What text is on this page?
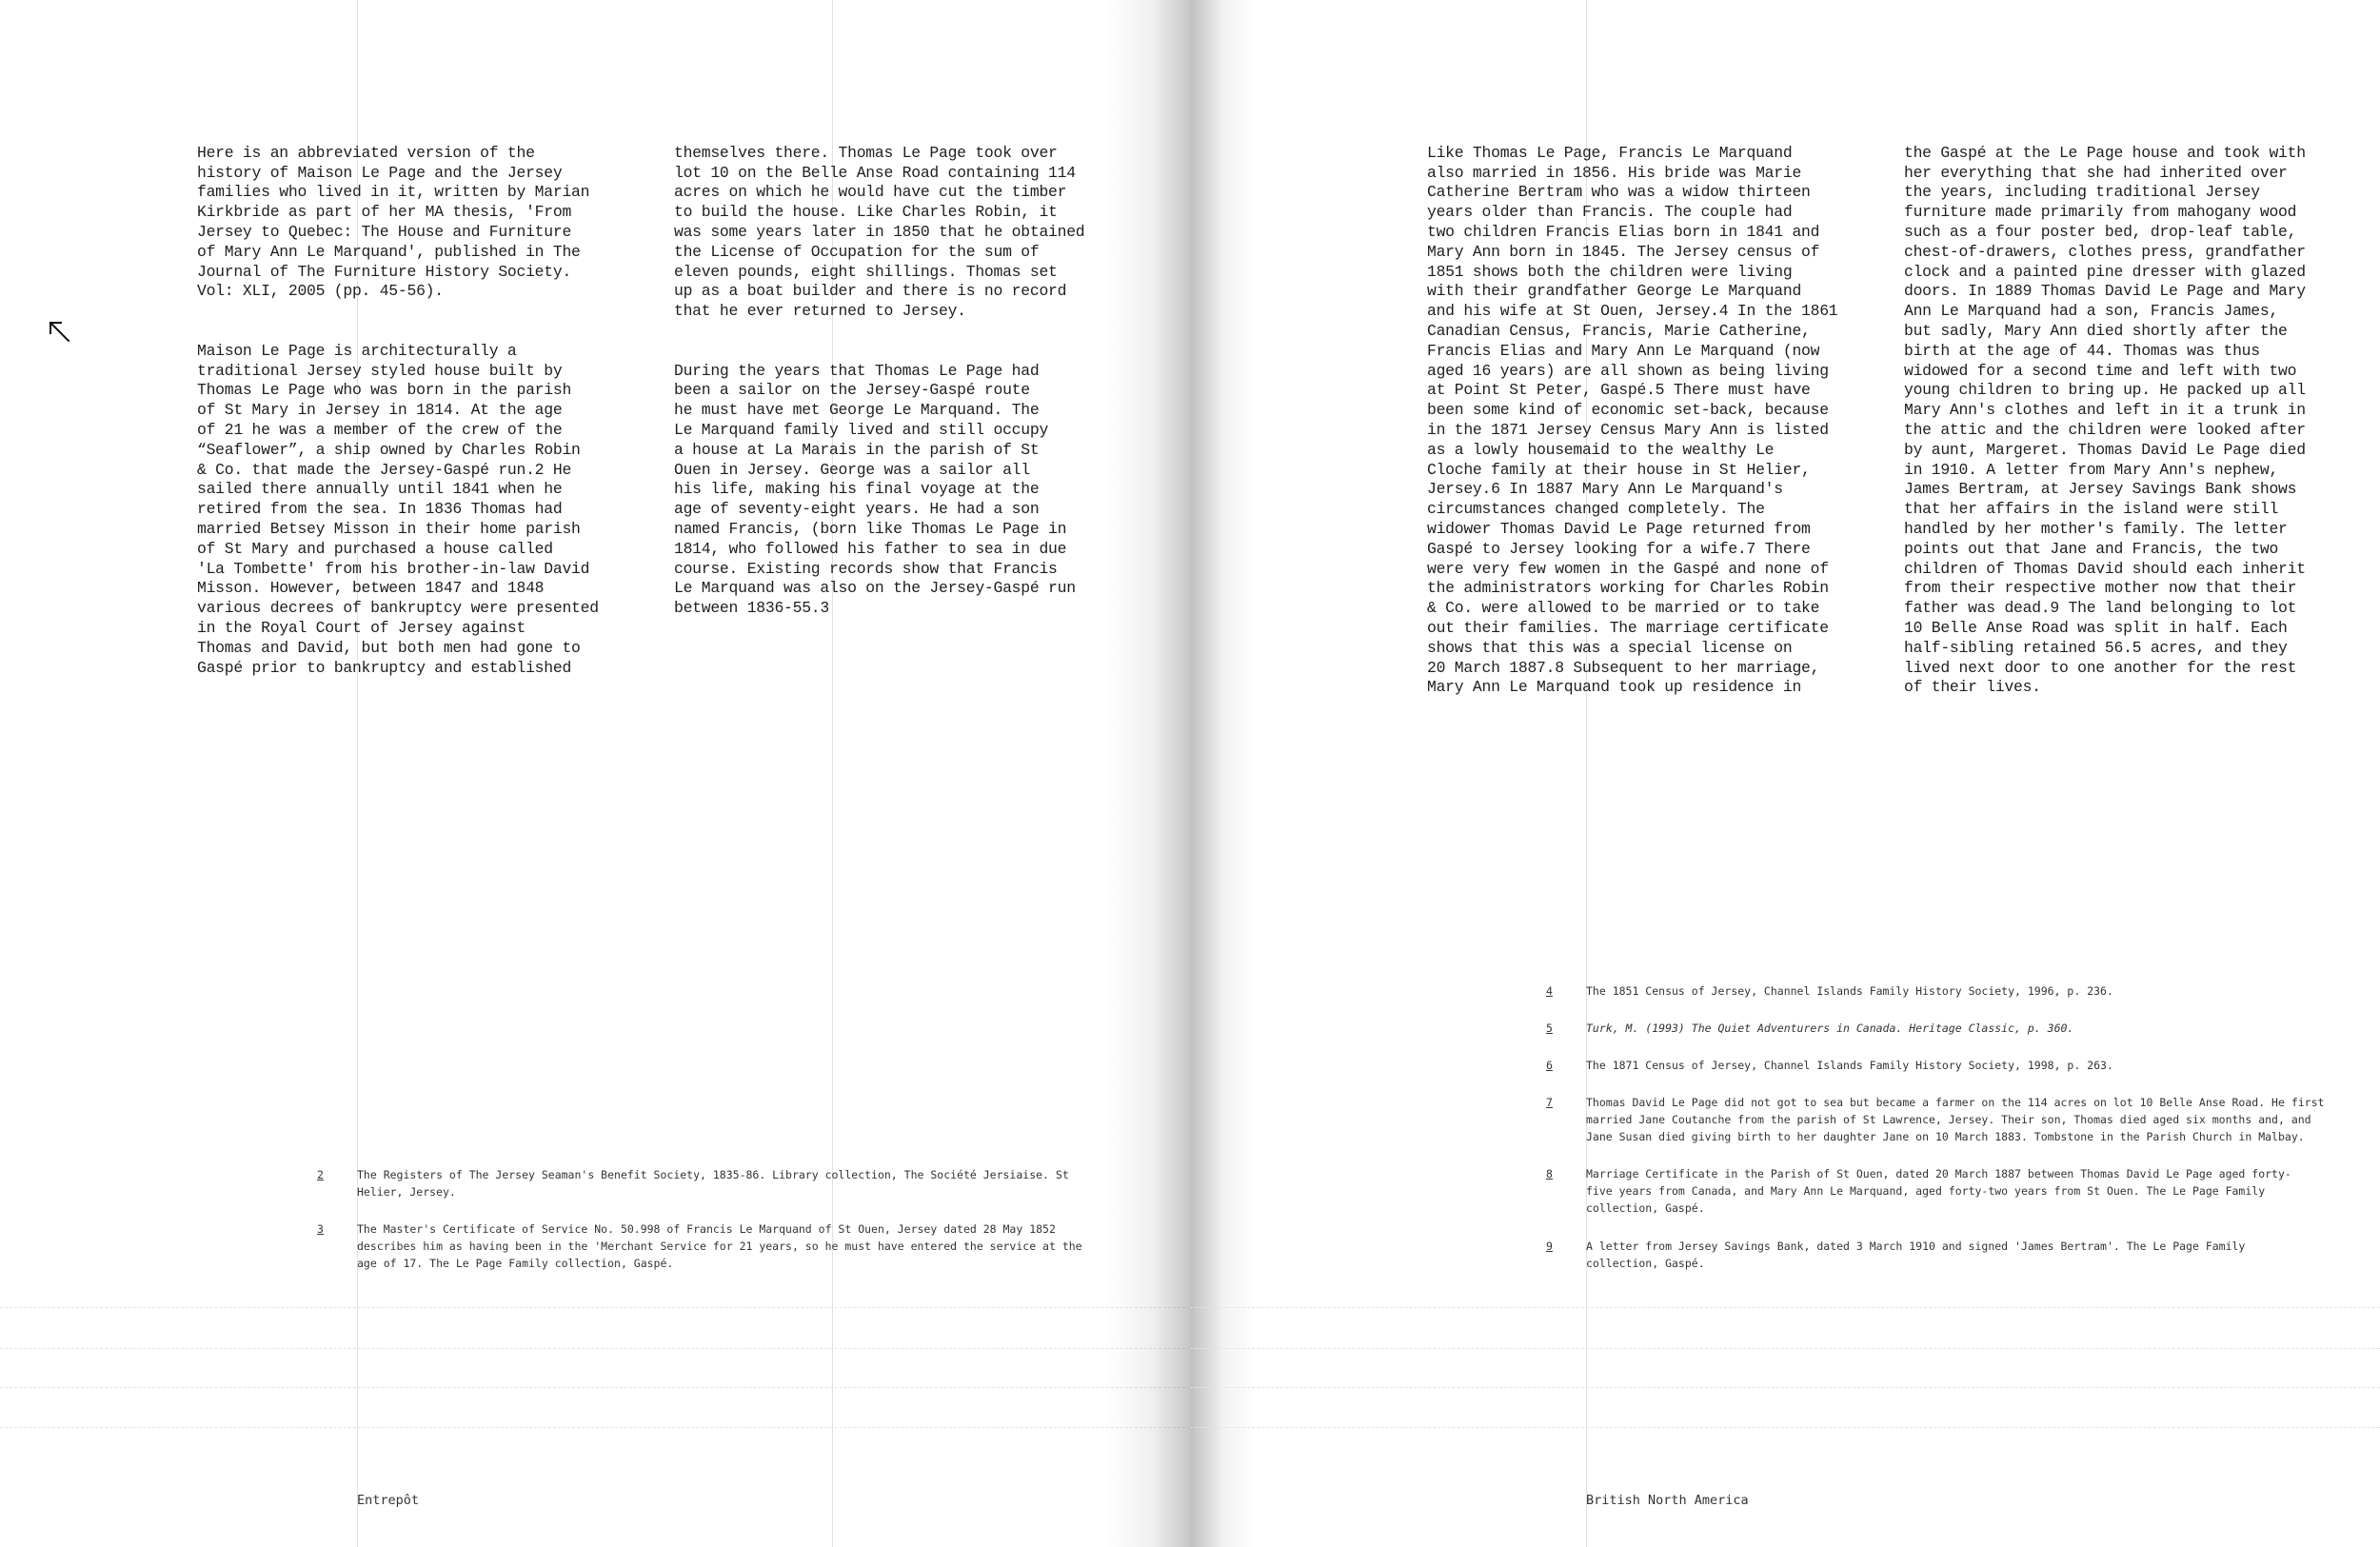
Here is an abbreviated version of the
history of Maison Le Page and the Jersey
families who lived in it, written by Marian
Kirkbride as part of her MA thesis, 'From
Jersey to Quebec: The House and Furniture
of Mary Ann Le Marquand', published in The
Journal of The Furniture History Society.
Vol: XLI, 2005 (pp. 45-56).

Maison Le Page is architecturally a
traditional Jersey styled house built by
Thomas Le Page who was born in the parish
of St Mary in Jersey in 1814. At the age
of 21 he was a member of the crew of the
“Seaflower”, a ship owned by Charles Robin
& Co. that made the Jersey-Gaspé run.2 He
sailed there annually until 1841 when he
retired from the sea. In 1836 Thomas had
married Betsey Misson in their home parish
of St Mary and purchased a house called
'La Tombette' from his brother-in-law David
Misson. However, between 1847 and 1848
various decrees of bankruptcy were presented
in the Royal Court of Jersey against
Thomas and David, but both men had gone to
Gaspé prior to bankruptcy and established

themselves there. Thomas Le Page took over
lot 10 on the Belle Anse Road containing 114
acres on which he would have cut the timber
to build the house. Like Charles Robin, it
was some years later in 1850 that he obtained
the License of Occupation for the sum of
eleven pounds, eight shillings. Thomas set
up as a boat builder and there is no record
that he ever returned to Jersey.

During the years that Thomas Le Page had
been a sailor on the Jersey-Gaspé route
he must have met George Le Marquand. The
Le Marquand family lived and still occupy
a house at La Marais in the parish of St
Ouen in Jersey. George was a sailor all
his life, making his final voyage at the
age of seventy-eight years. He had a son
named Francis, (born like Thomas Le Page in
1814, who followed his father to sea in due
course. Existing records show that Francis
Le Marquand was also on the Jersey-Gaspé run
between 1836-55.3

2	The Registers of The Jersey Seaman's Benefit Society, 1835-86. Library collection, The Société Jersiaise. St
Helier, Jersey.
3	The Master's Certificate of Service No. 50.998 of Francis Le Marquand of St Ouen, Jersey dated 28 May 1852
describes him as having been in the 'Merchant Service for 21 years, so he must have entered the service at the
age of 17. The Le Page Family collection, Gaspé.
Entrepôt

Like Thomas Le Page, Francis Le Marquand
also married in 1856. His bride was Marie
Catherine Bertram who was a widow thirteen
years older than Francis. The couple had
two children Francis Elias born in 1841 and
Mary Ann born in 1845. The Jersey census of
1851 shows both the children were living
with their grandfather George Le Marquand
and his wife at St Ouen, Jersey.4 In the 1861
Canadian Census, Francis, Marie Catherine,
Francis Elias and Mary Ann Le Marquand (now
aged 16 years) are all shown as being living
at Point St Peter, Gaspé.5 There must have
been some kind of economic set-back, because
in the 1871 Jersey Census Mary Ann is listed
as a lowly housemaid to the wealthy Le
Cloche family at their house in St Helier,
Jersey.6 In 1887 Mary Ann Le Marquand's
circumstances changed completely. The
widower Thomas David Le Page returned from
Gaspé to Jersey looking for a wife.7 There
were very few women in the Gaspé and none of
the administrators working for Charles Robin
& Co. were allowed to be married or to take
out their families. The marriage certificate
shows that this was a special license on
20 March 1887.8 Subsequent to her marriage,
Mary Ann Le Marquand took up residence in

the Gaspé at the Le Page house and took with
her everything that she had inherited over
the years, including traditional Jersey
furniture made primarily from mahogany wood
such as a four poster bed, drop-leaf table,
chest-of-drawers, clothes press, grandfather
clock and a painted pine dresser with glazed
doors. In 1889 Thomas David Le Page and Mary
Ann Le Marquand had a son, Francis James,
but sadly, Mary Ann died shortly after the
birth at the age of 44. Thomas was thus
widowed for a second time and left with two
young children to bring up. He packed up all
Mary Ann's clothes and left in it a trunk in
the attic and the children were looked after
by aunt, Margeret. Thomas David Le Page died
in 1910. A letter from Mary Ann's nephew,
James Bertram, at Jersey Savings Bank shows
that her affairs in the island were still
handled by her mother's family. The letter
points out that Jane and Francis, the two
children of Thomas David should each inherit
from their respective mother now that their
father was dead.9 The land belonging to lot
10 Belle Anse Road was split in half. Each
half-sibling retained 56.5 acres, and they
lived next door to one another for the rest
of their lives.

4	The 1851 Census of Jersey, Channel Islands Family History Society, 1996, p. 236.
5	Turk, M. (1993) The Quiet Adventurers in Canada. Heritage Classic, p. 360.
6	The 1871 Census of Jersey, Channel Islands Family History Society, 1998, p. 263.
7	Thomas David Le Page did not got to sea but became a farmer on the 114 acres on lot 10 Belle Anse Road. He first
married Jane Coutanche from the parish of St Lawrence, Jersey. Their son, Thomas died aged six months and, and
Jane Susan died giving birth to her daughter Jane on 10 March 1883. Tombstone in the Parish Church in Malbay.
8	Marriage Certificate in the Parish of St Ouen, dated 20 March 1887 between Thomas David Le Page aged forty-
five years from Canada, and Mary Ann Le Marquand, aged forty-two years from St Ouen. The Le Page Family
collection, Gaspé.
9	A letter from Jersey Savings Bank, dated 3 March 1910 and signed 'James Bertram'. The Le Page Family
collection, Gaspé.
British North America
